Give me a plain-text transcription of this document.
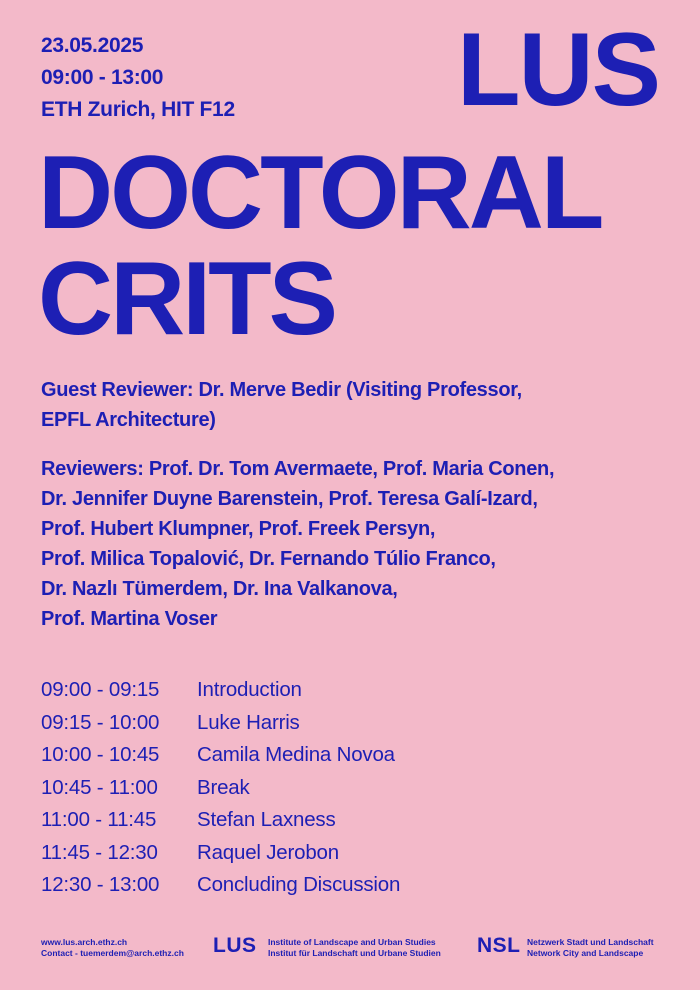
23.05.2025
09:00 - 13:00
ETH Zurich, HIT F12 LUS
DOCTORAL
CRITS
Guest Reviewer: Dr. Merve Bedir (Visiting Professor,
EPFL Architecture)
Reviewers: Prof. Dr. Tom Avermaete, Prof. Maria Conen,
Dr. Jennifer Duyne Barenstein, Prof. Teresa Galí-Izard,
Prof. Hubert Klumpner, Prof. Freek Persyn,
Prof. Milica Topalović, Dr. Fernando Túlio Franco,
Dr. Nazlı Tümerdem, Dr. Ina Valkanova,
Prof. Martina Voser
09:00 - 09:15	Introduction
09:15 - 10:00	Luke Harris
10:00 - 10:45	Camila Medina Novoa
10:45 - 11:00	Break
11:00 - 11:45	Stefan Laxness
11:45 - 12:30	Raquel Jerobon
12:30 - 13:00	Concluding Discussion
www.lus.arch.ethz.ch
Contact - tuemerdem@arch.ethz.ch LUS Institute of Landscape and Urban Studies
Institut für Landschaft und Urbane Studien NSL Netzwerk Stadt und Landschaft
Network City and Landscape
